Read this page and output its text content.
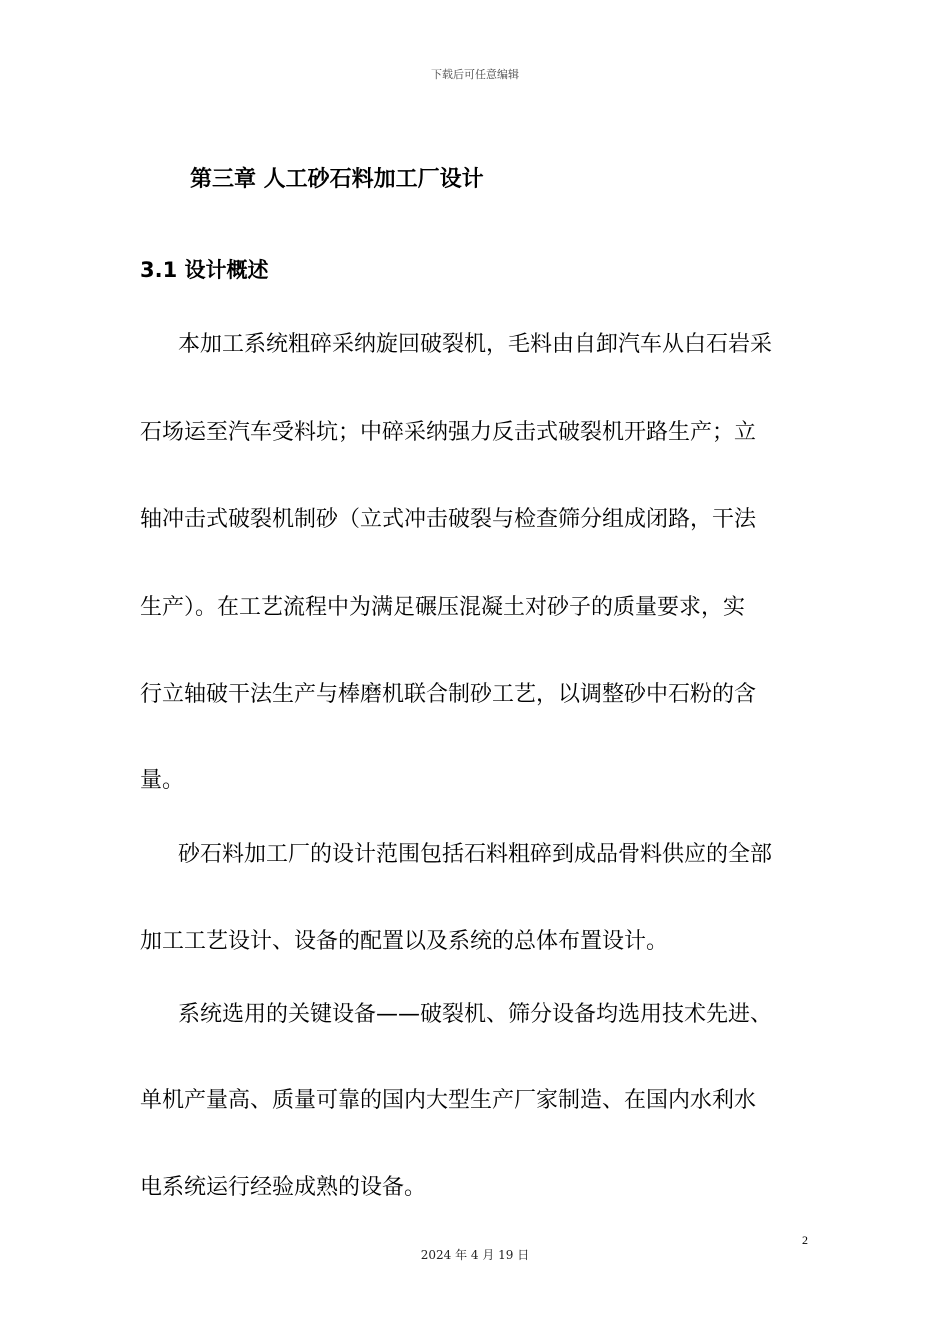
下载后可任意编辑
第三章 人工砂石料加工厂设计
3.1 设计概述
本加工系统粗碎采纳旋回破裂机，毛料由自卸汽车从白石岩采
石场运至汽车受料坑；中碎采纳强力反击式破裂机开路生产；立
轴冲击式破裂机制砂（立式冲击破裂与检查筛分组成闭路，干法
生产）。在工艺流程中为满足碾压混凝土对砂子的质量要求，实
行立轴破干法生产与棒磨机联合制砂工艺，以调整砂中石粉的含
量。
砂石料加工厂的设计范围包括石料粗碎到成品骨料供应的全部
加工工艺设计、设备的配置以及系统的总体布置设计。
系统选用的关键设备——破裂机、筛分设备均选用技术先进、
单机产量高、质量可靠的国内大型生产厂家制造、在国内水利水
电系统运行经验成熟的设备。
2
2024 年 4 月 19 日
